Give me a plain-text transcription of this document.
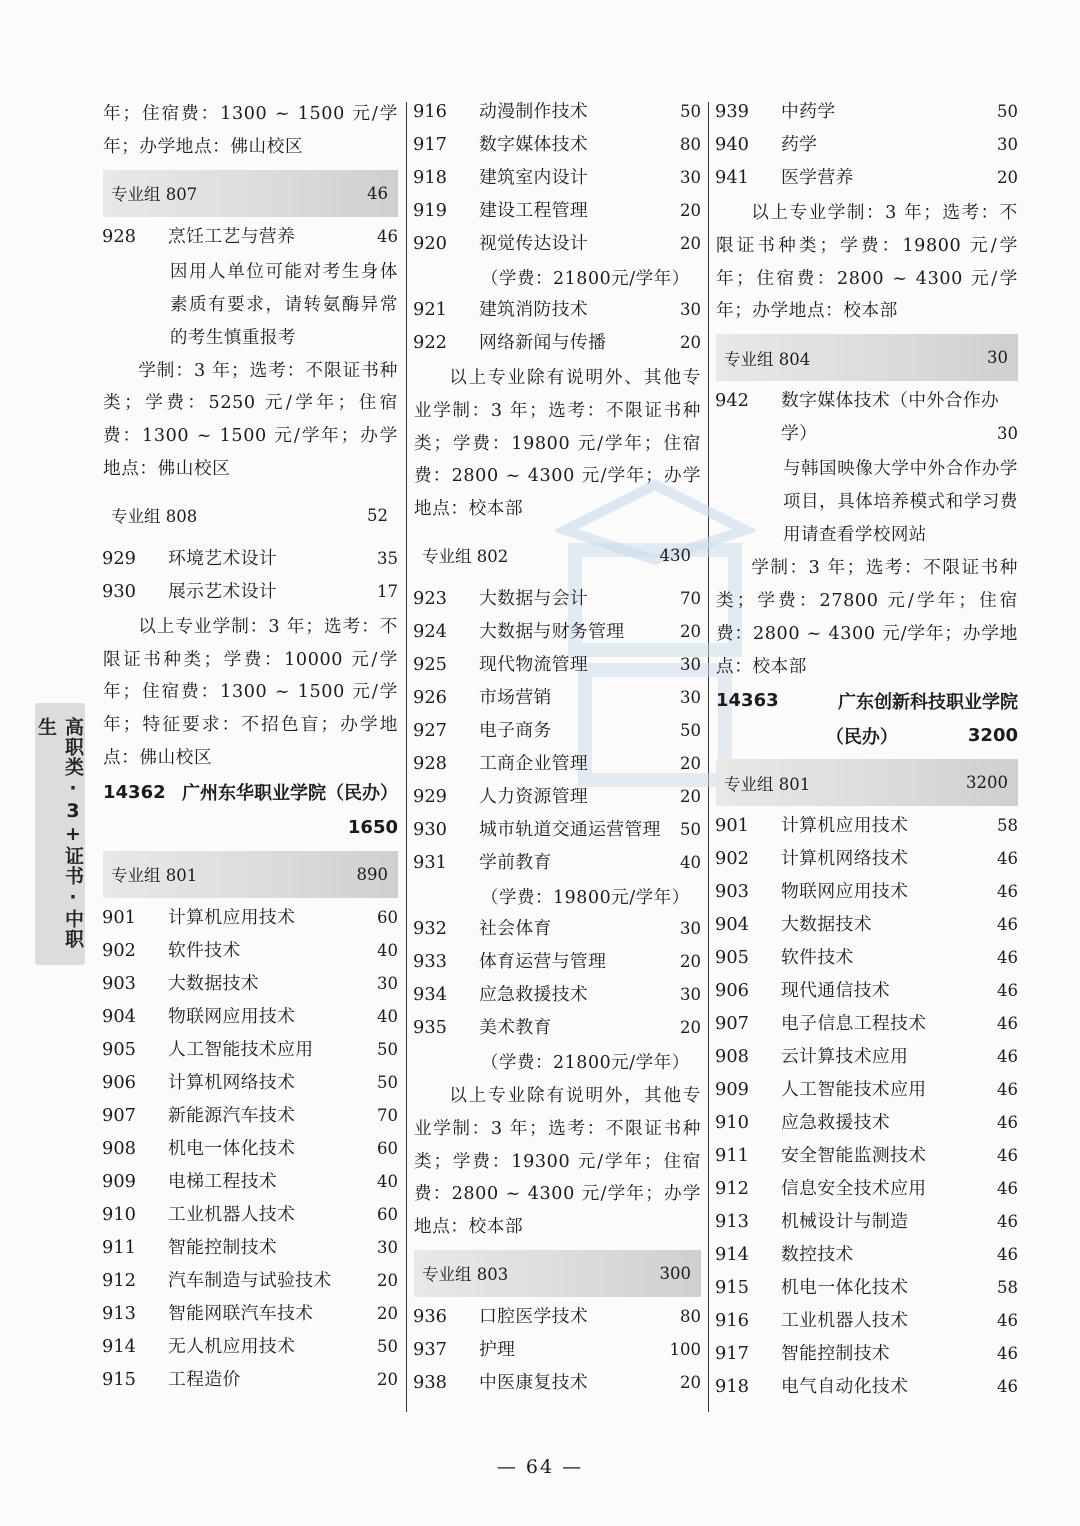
高职类·3+证书·中职生
年；住宿费：1300 ~ 1500 元/学年；办学地点：佛山校区
专业组 807	46
928	烹饪工艺与营养	46
因用人单位可能对考生身体素质有要求，请转氨酶异常的考生慎重报考
学制：3 年；选考：不限证书种类；学费：5250 元/学年；住宿费：1300 ~ 1500 元/学年；办学地点：佛山校区
专业组 808	52
929	环境艺术设计	35
930	展示艺术设计	17
以上专业学制：3 年；选考：不限证书种类；学费：10000 元/学年；住宿费：1300 ~ 1500 元/学年；特征要求：不招色盲；办学地点：佛山校区
14362 广州东华职业学院（民办）
1650
专业组 801	890
901	计算机应用技术	60
902	软件技术	40
903	大数据技术	30
904	物联网应用技术	40
905	人工智能技术应用	50
906	计算机网络技术	50
907	新能源汽车技术	70
908	机电一体化技术	60
909	电梯工程技术	40
910	工业机器人技术	60
911	智能控制技术	30
912	汽车制造与试验技术	20
913	智能网联汽车技术	20
914	无人机应用技术	50
915	工程造价	20
916	动漫制作技术	50
917	数字媒体技术	80
918	建筑室内设计	30
919	建设工程管理	20
920	视觉传达设计	20
（学费：21800元/学年）
921	建筑消防技术	30
922	网络新闻与传播	20
以上专业除有说明外、其他专业学制：3 年；选考：不限证书种类；学费：19800 元/学年；住宿费：2800 ~ 4300 元/学年；办学地点：校本部
专业组 802	430
923	大数据与会计	70
924	大数据与财务管理	20
925	现代物流管理	30
926	市场营销	30
927	电子商务	50
928	工商企业管理	20
929	人力资源管理	20
930	城市轨道交通运营管理	50
931	学前教育	40
（学费：19800元/学年）
932	社会体育	30
933	体育运营与管理	20
934	应急救援技术	30
935	美术教育	20
（学费：21800元/学年）
以上专业除有说明外，其他专业学制：3 年；选考：不限证书种类；学费：19300 元/学年；住宿费：2800 ~ 4300 元/学年；办学地点：校本部
专业组 803	300
936	口腔医学技术	80
937	护理	100
938	中医康复技术	20
939	中药学	50
940	药学	30
941	医学营养	20
以上专业学制：3 年；选考：不限证书种类；学费：19800 元/学年；住宿费：2800 ~ 4300 元/学年；办学地点：校本部
专业组 804	30
942	数字媒体技术（中外合作办
学）	30
与韩国映像大学中外合作办学项目，具体培养模式和学习费用请查看学校网站
学制：3 年；选考：不限证书种类；学费：27800 元/学年；住宿费：2800 ~ 4300 元/学年；办学地点：校本部
14363	广东创新科技职业学院
（民办）	3200
专业组 801	3200
901	计算机应用技术	58
902	计算机网络技术	46
903	物联网应用技术	46
904	大数据技术	46
905	软件技术	46
906	现代通信技术	46
907	电子信息工程技术	46
908	云计算技术应用	46
909	人工智能技术应用	46
910	应急救援技术	46
911	安全智能监测技术	46
912	信息安全技术应用	46
913	机械设计与制造	46
914	数控技术	46
915	机电一体化技术	58
916	工业机器人技术	46
917	智能控制技术	46
918	电气自动化技术	46
— 64 —
